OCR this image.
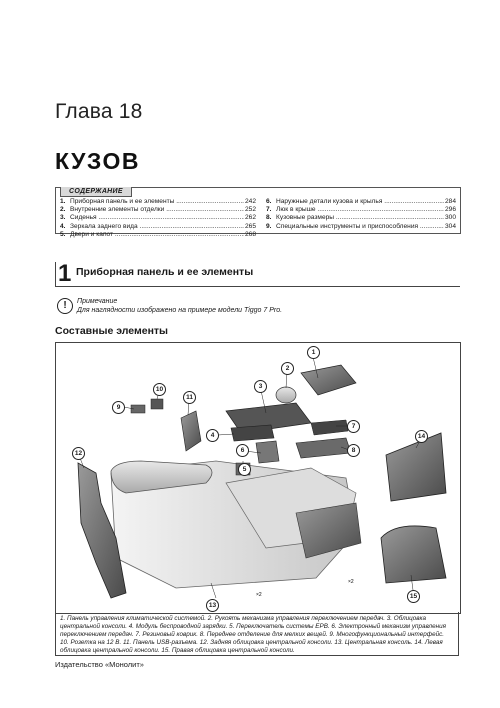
Глава 18
КУЗОВ
СОДЕРЖАНИЕ
1. Приборная панель и ее элементы .....	242
2. Внутренние элементы отделки .....	252
3. Сиденья .....	262
4. Зеркала заднего вида .....	265
5. Двери и капот .....	268
6. Наружные детали кузова и крылья .....	284
7. Люк в крыше .....	296
8. Кузовные размеры .....	300
9. Специальные инструменты и приспособления .....	304
1 Приборная панель и ее элементы
!	Примечание
Для наглядности изображено на примере модели Tiggo 7 Pro.
Составные элементы
×2
×2
1
2
3
4
5
6
7
8
9
10
11
12
13
14
15
1. Панель управления климатической системой. 2. Рукоять механизма управления переключением передач. 3. Облицовка центральной консоли. 4. Модуль беспроводной зарядки. 5. Переключатель системы EPB. 6. Электронный механизм управления переключением передач. 7. Резиновый коврик. 8. Переднее отделение для мелких вещей. 9. Многофункциональный интерфейс. 10. Розетка на 12 В. 11. Панель USB-разъема. 12. Задняя облицовка центральной консоли. 13. Центральная консоль. 14. Левая облицовка центральной консоли. 15. Правая облицовка центральной консоли.
Издательство «Монолит»
